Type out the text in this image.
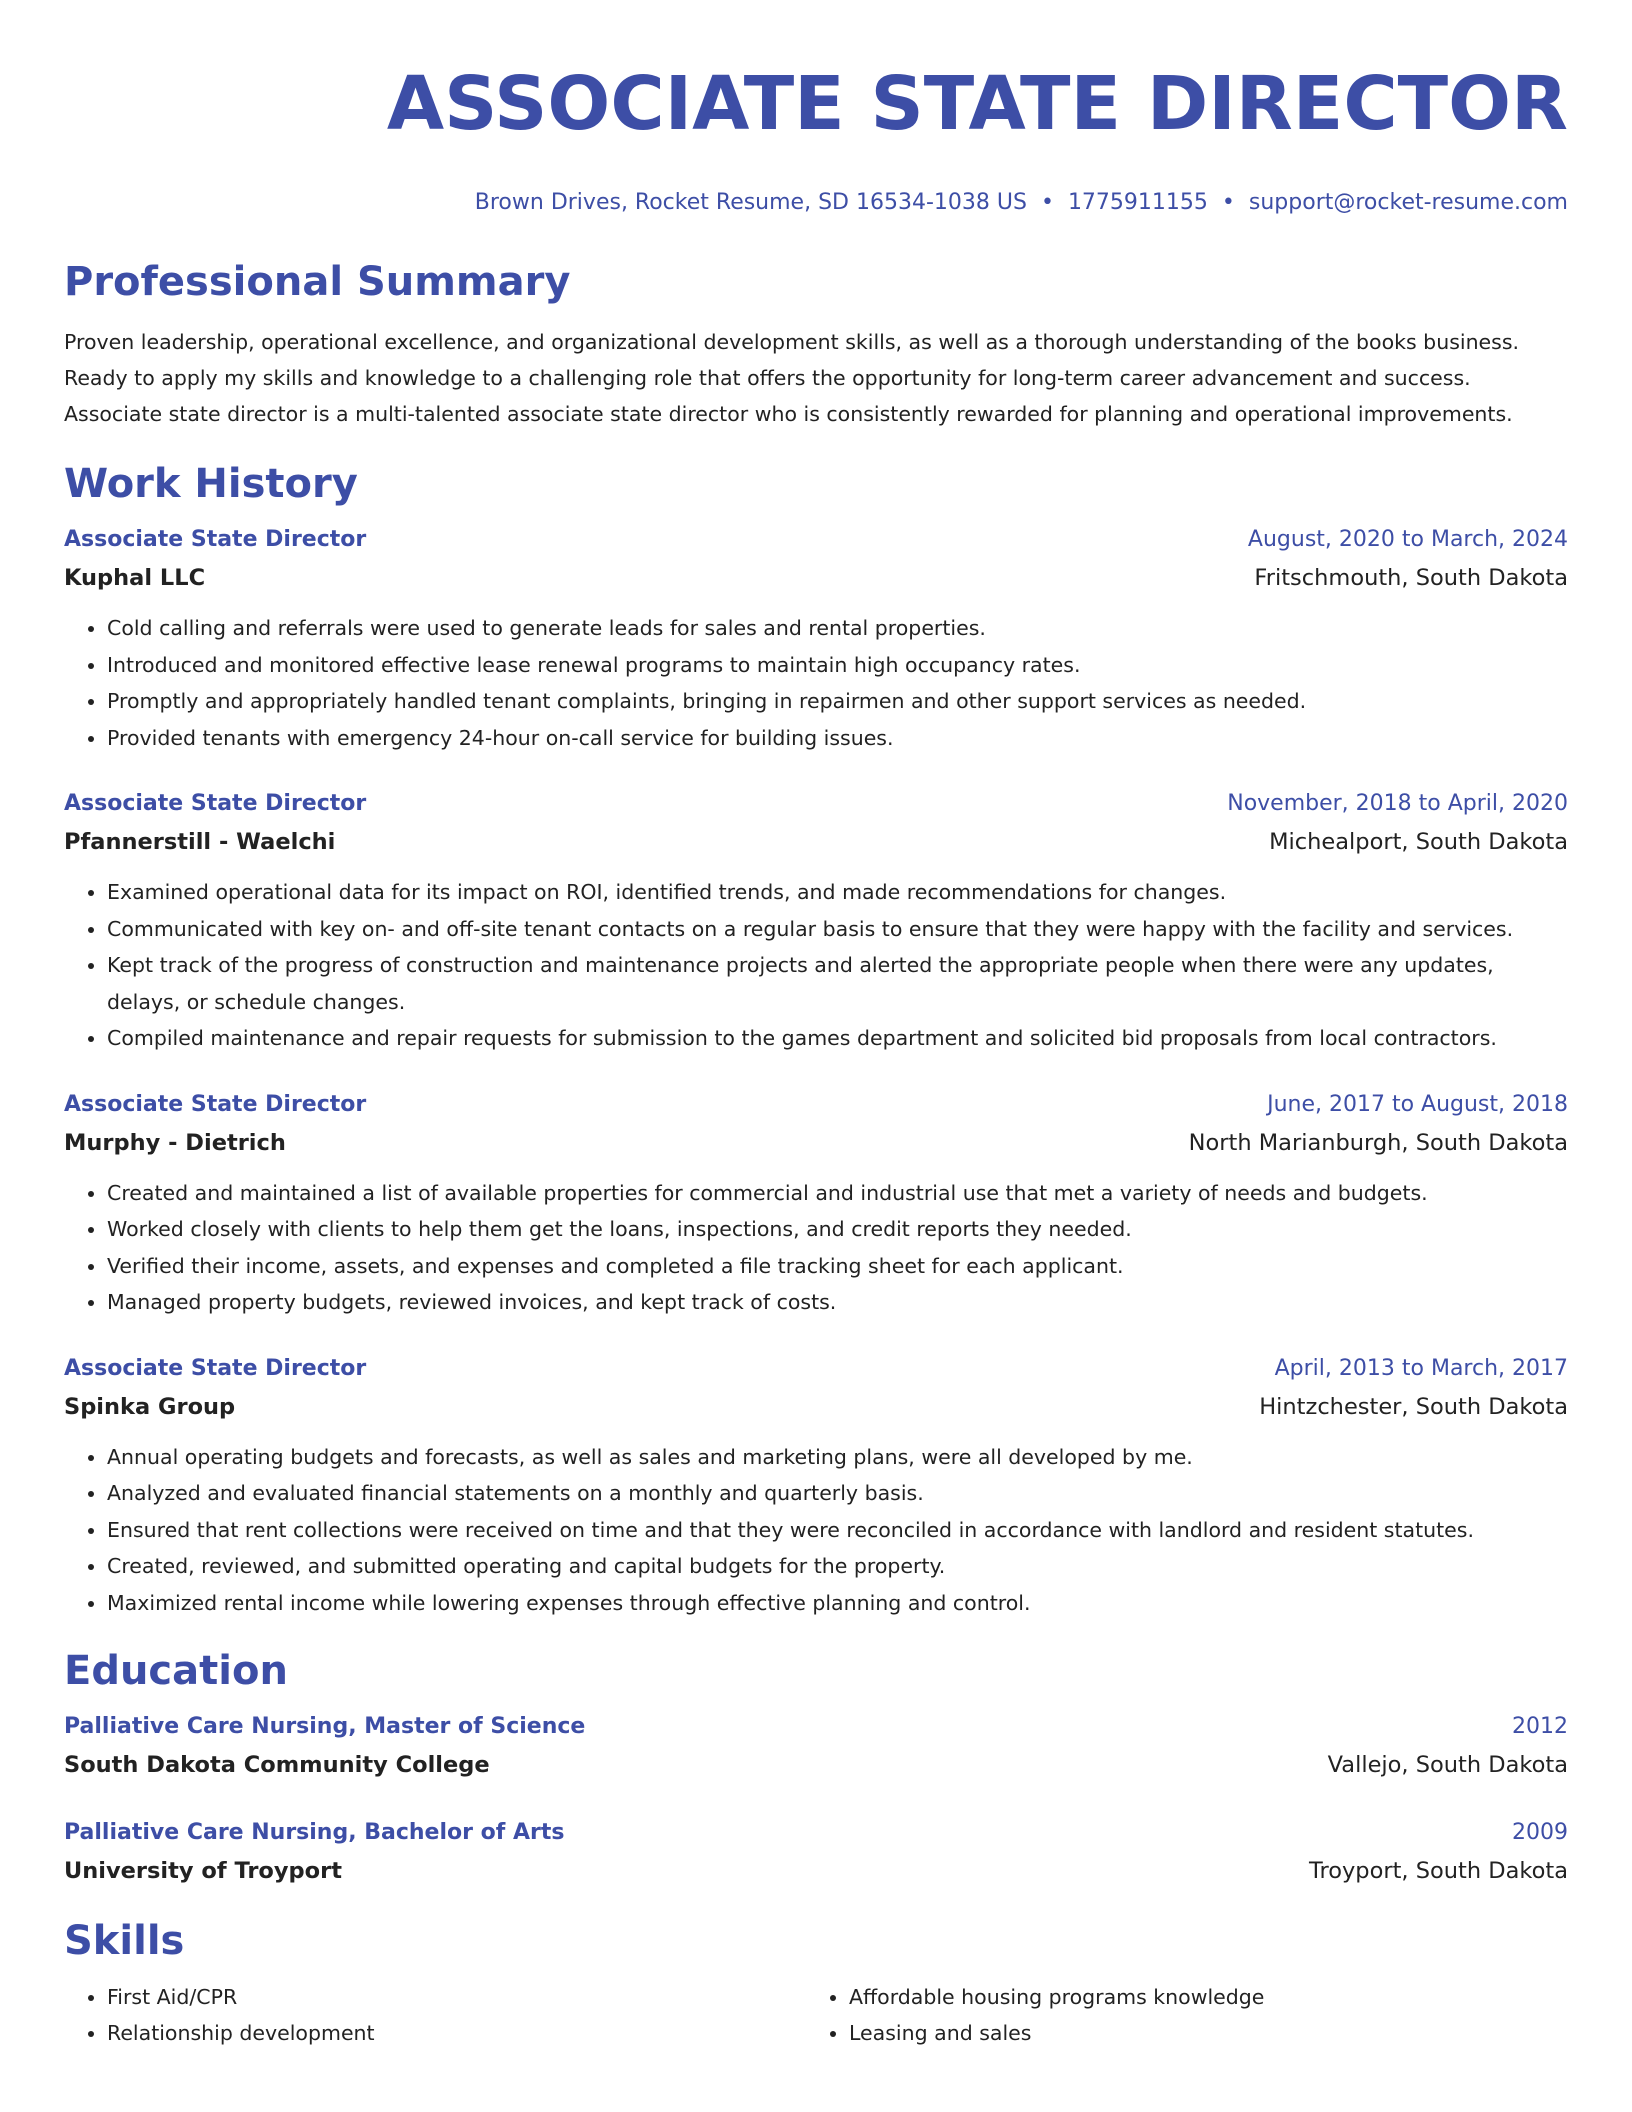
ASSOCIATE STATE DIRECTOR
Brown Drives, Rocket Resume, SD 16534-1038 US • 1775911155 • support@rocket-resume.com
Professional Summary
Proven leadership, operational excellence, and organizational development skills, as well as a thorough understanding of the books business. Ready to apply my skills and knowledge to a challenging role that offers the opportunity for long-term career advancement and success. Associate state director is a multi-talented associate state director who is consistently rewarded for planning and operational improvements.
Work History
Associate State Director	August, 2020 to March, 2024
Kuphal LLC	Fritschmouth, South Dakota
• Cold calling and referrals were used to generate leads for sales and rental properties.
• Introduced and monitored effective lease renewal programs to maintain high occupancy rates.
• Promptly and appropriately handled tenant complaints, bringing in repairmen and other support services as needed.
• Provided tenants with emergency 24-hour on-call service for building issues.
Associate State Director	November, 2018 to April, 2020
Pfannerstill - Waelchi	Michealport, South Dakota
• Examined operational data for its impact on ROI, identified trends, and made recommendations for changes.
• Communicated with key on- and off-site tenant contacts on a regular basis to ensure that they were happy with the facility and services.
• Kept track of the progress of construction and maintenance projects and alerted the appropriate people when there were any updates, delays, or schedule changes.
• Compiled maintenance and repair requests for submission to the games department and solicited bid proposals from local contractors.
Associate State Director	June, 2017 to August, 2018
Murphy - Dietrich	North Marianburgh, South Dakota
• Created and maintained a list of available properties for commercial and industrial use that met a variety of needs and budgets.
• Worked closely with clients to help them get the loans, inspections, and credit reports they needed.
• Verified their income, assets, and expenses and completed a file tracking sheet for each applicant.
• Managed property budgets, reviewed invoices, and kept track of costs.
Associate State Director	April, 2013 to March, 2017
Spinka Group	Hintzchester, South Dakota
• Annual operating budgets and forecasts, as well as sales and marketing plans, were all developed by me.
• Analyzed and evaluated financial statements on a monthly and quarterly basis.
• Ensured that rent collections were received on time and that they were reconciled in accordance with landlord and resident statutes.
• Created, reviewed, and submitted operating and capital budgets for the property.
• Maximized rental income while lowering expenses through effective planning and control.
Education
Palliative Care Nursing, Master of Science	2012
South Dakota Community College	Vallejo, South Dakota
Palliative Care Nursing, Bachelor of Arts	2009
University of Troyport	Troyport, South Dakota
Skills
• First Aid/CPR
• Relationship development
• Affordable housing programs knowledge
• Leasing and sales
